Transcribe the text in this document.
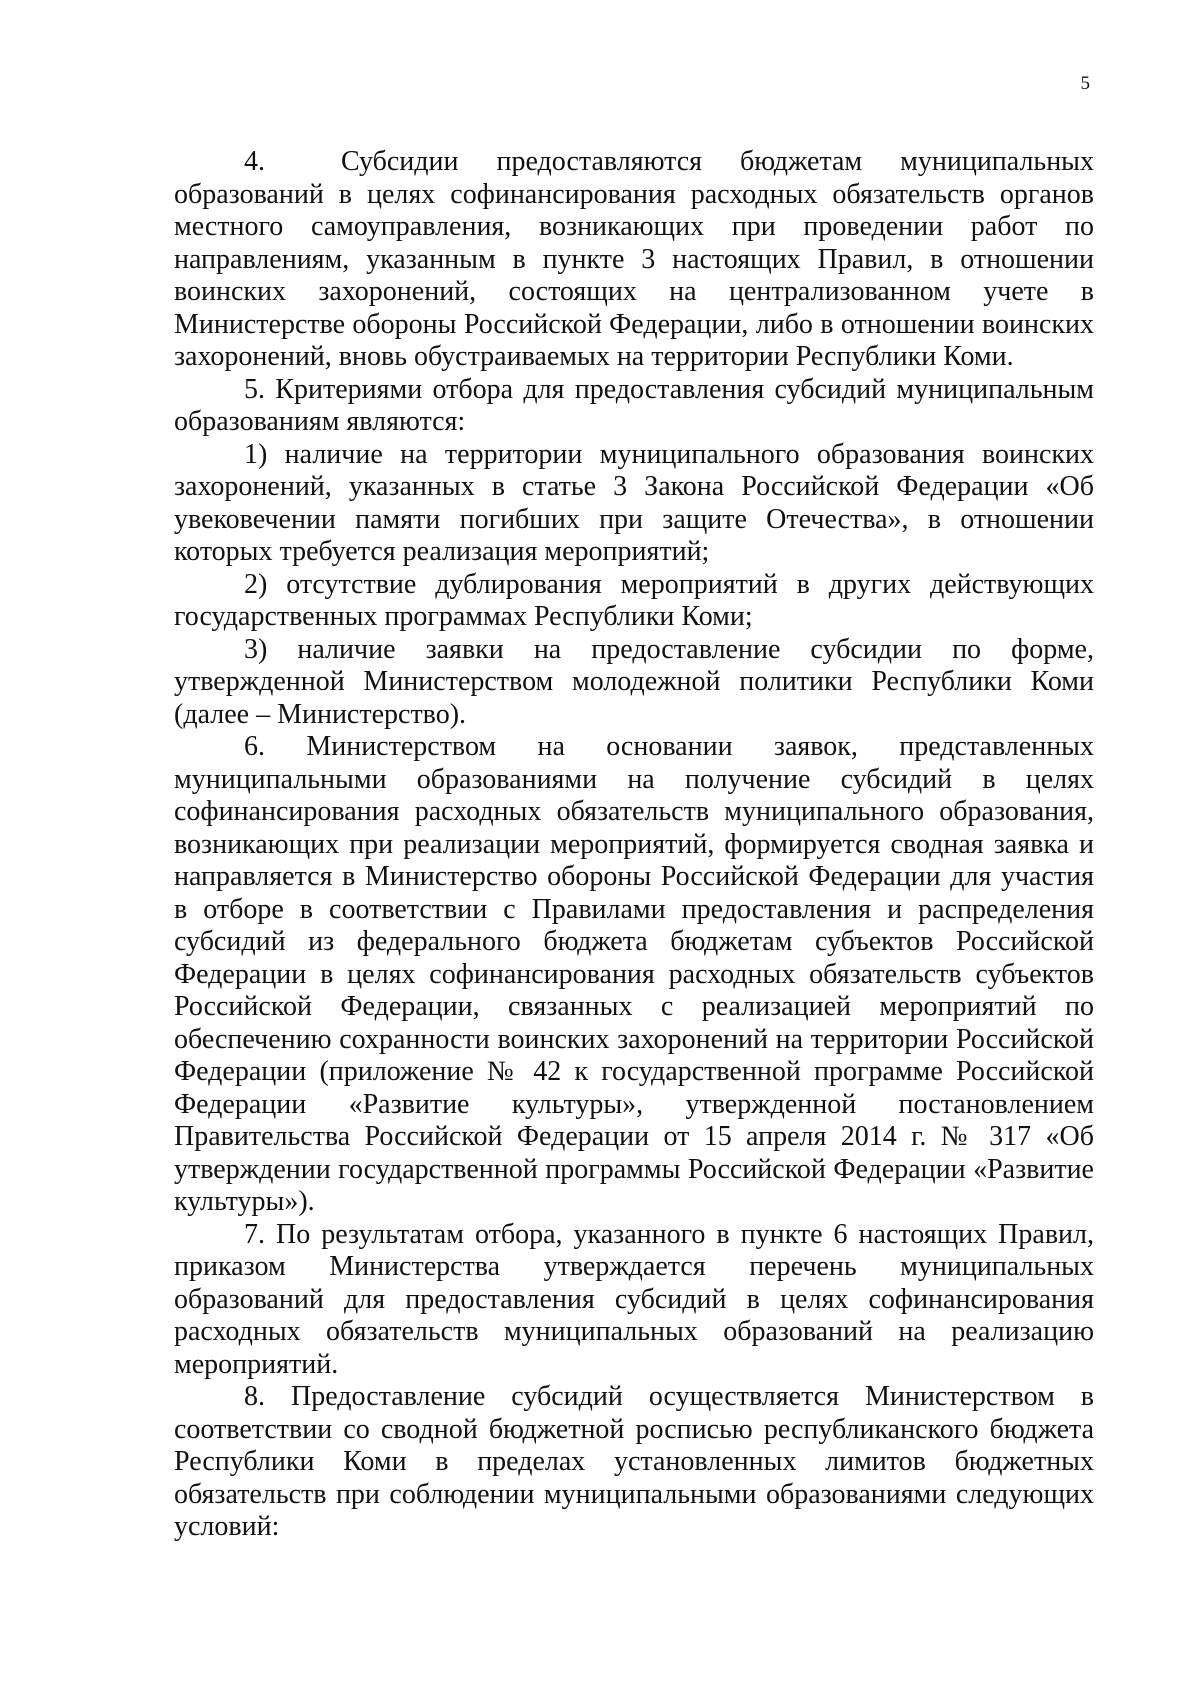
5

4.  Субсидии предоставляются бюджетам муниципальных образований в целях софинансирования расходных обязательств органов местного самоуправления, возникающих при проведении работ по направлениям, указанным в пункте 3 настоящих Правил, в отношении воинских захоронений, состоящих на централизованном учете в Министерстве обороны Российской Федерации, либо в отношении воинских захоронений, вновь обустраиваемых на территории Республики Коми.

5. Критериями отбора для предоставления субсидий муниципальным образованиям являются:

1) наличие на территории муниципального образования воинских захоронений, указанных в статье 3 Закона Российской Федерации «Об увековечении памяти погибших при защите Отечества», в отношении которых требуется реализация мероприятий;

2) отсутствие дублирования мероприятий в других действующих государственных программах Республики Коми;

3) наличие заявки на предоставление субсидии по форме, утвержденной Министерством молодежной политики Республики Коми (далее – Министерство).

6. Министерством на основании заявок, представленных муниципальными образованиями на получение субсидий в целях софинансирования расходных обязательств муниципального образования, возникающих при реализации мероприятий, формируется сводная заявка и направляется в Министерство обороны Российской Федерации для участия в отборе в соответствии с Правилами предоставления и распределения субсидий из федерального бюджета бюджетам субъектов Российской Федерации в целях софинансирования расходных обязательств субъектов Российской Федерации, связанных с реализацией мероприятий по обеспечению сохранности воинских захоронений на территории Российской Федерации (приложение № 42 к государственной программе Российской Федерации «Развитие культуры», утвержденной постановлением Правительства Российской Федерации от 15 апреля 2014 г. № 317 «Об утверждении государственной программы Российской Федерации «Развитие культуры»).

7. По результатам отбора, указанного в пункте 6 настоящих Правил, приказом Министерства утверждается перечень муниципальных образований для предоставления субсидий в целях софинансирования расходных обязательств муниципальных образований на реализацию мероприятий.

8. Предоставление субсидий осуществляется Министерством в соответствии со сводной бюджетной росписью республиканского бюджета Республики Коми в пределах установленных лимитов бюджетных обязательств при соблюдении муниципальными образованиями следующих условий:
